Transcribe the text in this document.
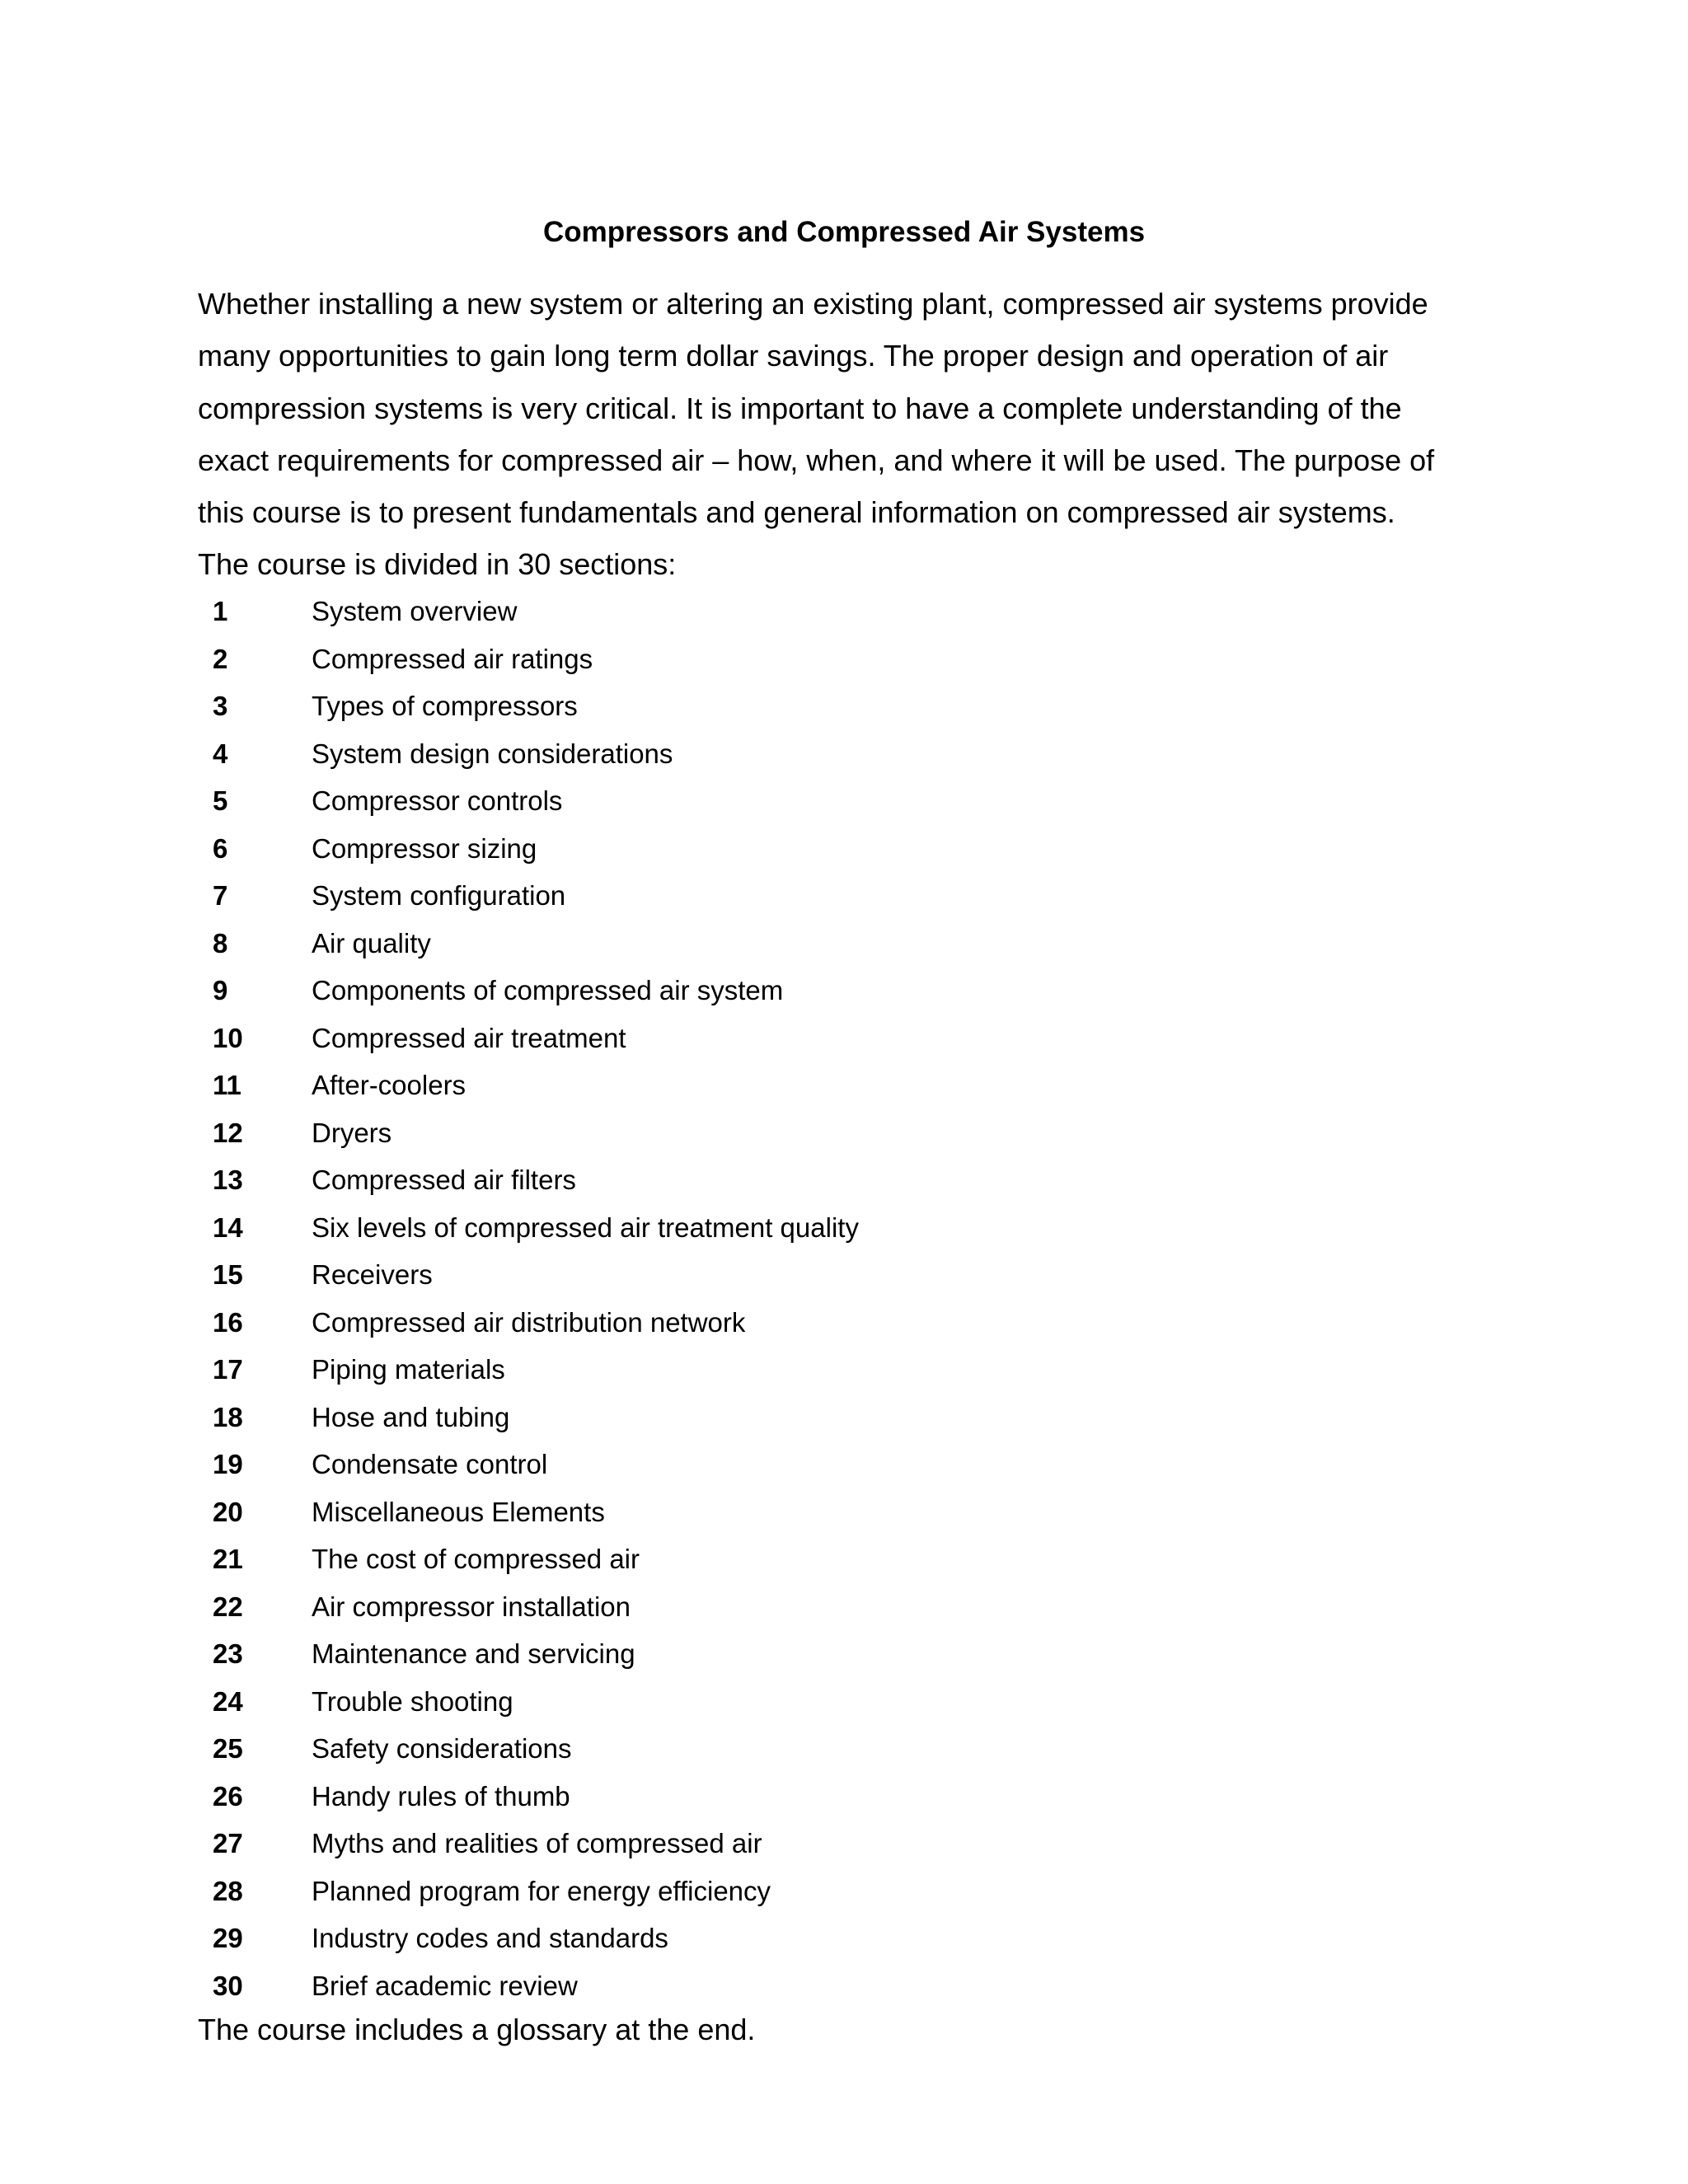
Compressors and Compressed Air Systems

Whether installing a new system or altering an existing plant, compressed air systems provide
many opportunities to gain long term dollar savings. The proper design and operation of air
compression systems is very critical. It is important to have a complete understanding of the
exact requirements for compressed air – how, when, and where it will be used. The purpose of
this course is to present fundamentals and general information on compressed air systems.
The course is divided in 30 sections:

1	System overview
2	Compressed air ratings
3	Types of compressors
4	System design considerations
5	Compressor controls
6	Compressor sizing
7	System configuration
8	Air quality
9	Components of compressed air system
10	Compressed air treatment
11	After-coolers
12	Dryers
13	Compressed air filters
14	Six levels of compressed air treatment quality
15	Receivers
16	Compressed air distribution network
17	Piping materials
18	Hose and tubing
19	Condensate control
20	Miscellaneous Elements
21	The cost of compressed air
22	Air compressor installation
23	Maintenance and servicing
24	Trouble shooting
25	Safety considerations
26	Handy rules of thumb
27	Myths and realities of compressed air
28	Planned program for energy efficiency
29	Industry codes and standards
30	Brief academic review

The course includes a glossary at the end.
